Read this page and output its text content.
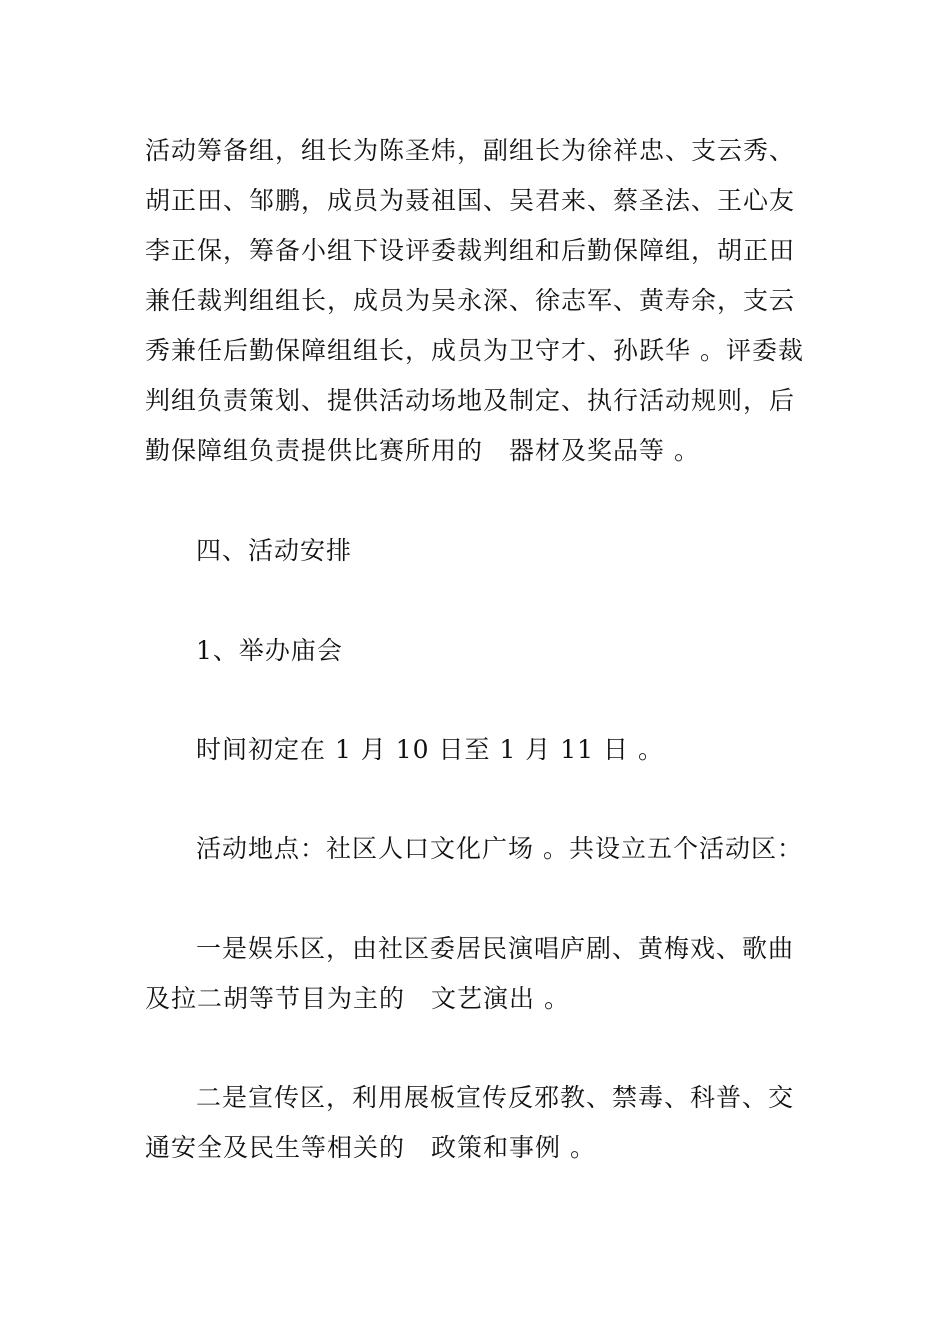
活动筹备组，组长为陈圣炜，副组长为徐祥忠、支云秀、
胡正田、邹鹏，成员为聂祖国、吴君来、蔡圣法、王心友
李正保，筹备小组下设评委裁判组和后勤保障组，胡正田
兼任裁判组组长，成员为吴永深、徐志军、黄寿余，支云
秀兼任后勤保障组组长，成员为卫守才、孙跃华 。评委裁
判组负责策划、提供活动场地及制定、执行活动规则，后
勤保障组负责提供比赛所用的　器材及奖品等 。
四、活动安排
1、举办庙会
时间初定在 1 月 10 日至 1 月 11 日 。
活动地点：社区人口文化广场 。共设立五个活动区：
一是娱乐区，由社区委居民演唱庐剧、黄梅戏、歌曲
及拉二胡等节目为主的　文艺演出 。
二是宣传区，利用展板宣传反邪教、禁毒、科普、交
通安全及民生等相关的　政策和事例 。
